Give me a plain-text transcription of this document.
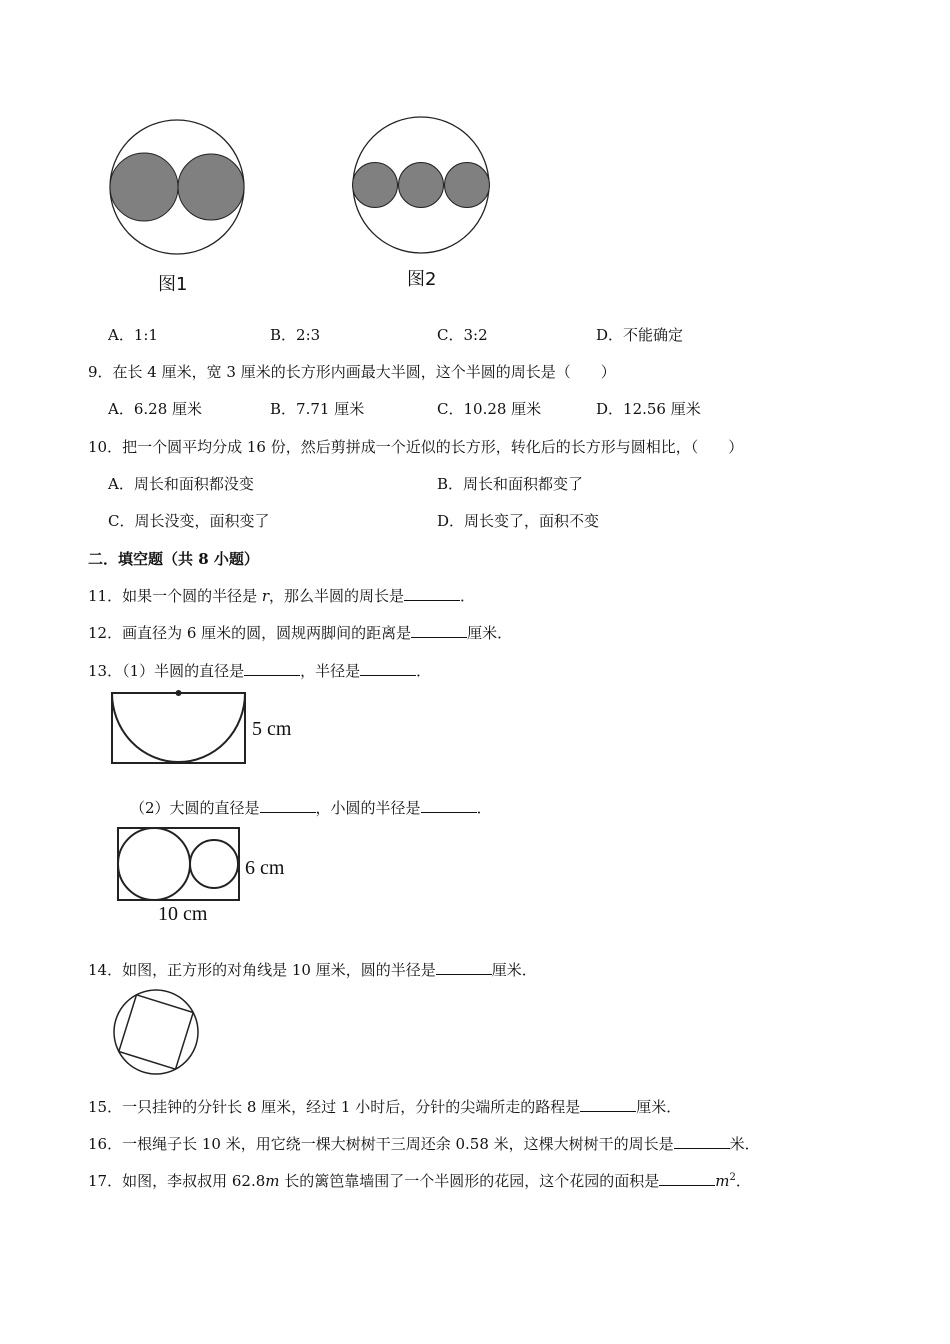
图1	图2
A．1:1	B．2:3	C．3:2	D．不能确定
9．在长 4 厘米，宽 3 厘米的长方形内画最大半圆，这个半圆的周长是（　　）
A．6.28 厘米	B．7.71 厘米	C．10.28 厘米	D．12.56 厘米
10．把一个圆平均分成 16 份，然后剪拼成一个近似的长方形，转化后的长方形与圆相比，（　　）
A．周长和面积都没变	B．周长和面积都变了
C．周长没变，面积变了	D．周长变了，面积不变
二．填空题（共 8 小题）
11．如果一个圆的半径是 r，那么半圆的周长是	．
12．画直径为 6 厘米的圆，圆规两脚间的距离是	厘米．
13．（1）半圆的直径是	，半径是	．
5 cm
（2）大圆的直径是	，小圆的半径是	．
6 cm
10 cm
14．如图，正方形的对角线是 10 厘米，圆的半径是	厘米．
15．一只挂钟的分针长 8 厘米，经过 1 小时后，分针的尖端所走的路程是	厘米．
16．一根绳子长 10 米，用它绕一棵大树树干三周还余 0.58 米，这棵大树树干的周长是	米．
17．如图，李叔叔用 62.8m 长的篱笆靠墙围了一个半圆形的花园，这个花园的面积是	$m^2$．
